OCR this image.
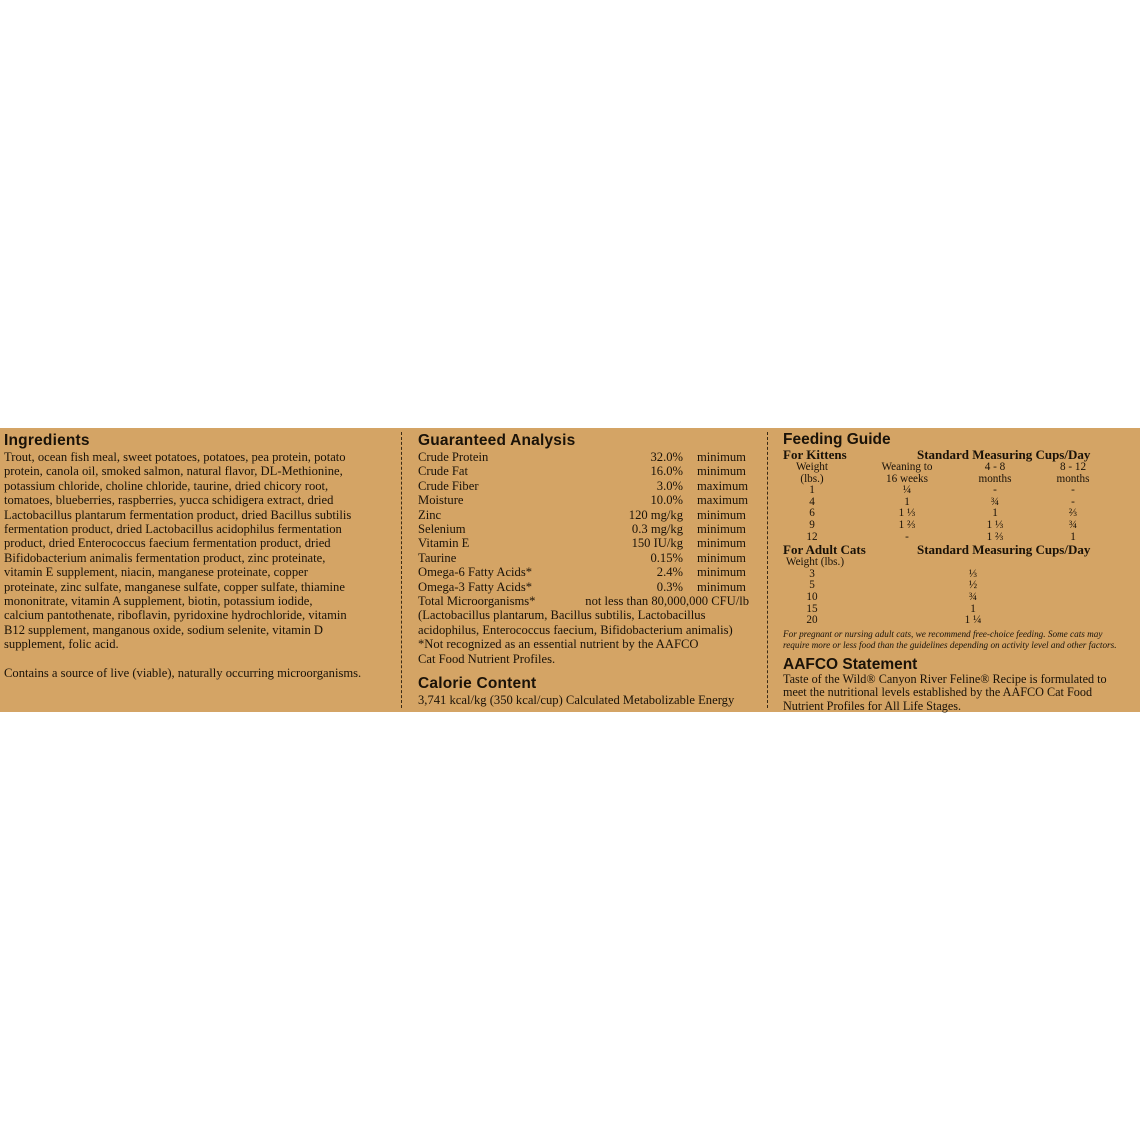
Ingredients

Trout, ocean fish meal, sweet potatoes, potatoes, pea protein, potato

protein, canola oil, smoked salmon, natural flavor, DL-Methionine,

potassium chloride, choline chloride, taurine, dried chicory root,

tomatoes, blueberries, raspberries, yucca schidigera extract, dried

Lactobacillus plantarum fermentation product, dried Bacillus subtilis

fermentation product, dried Lactobacillus acidophilus fermentation

product, dried Enterococcus faecium fermentation product, dried

Bifidobacterium animalis fermentation product, zinc proteinate,

vitamin E supplement, niacin, manganese proteinate, copper

proteinate, zinc sulfate, manganese sulfate, copper sulfate, thiamine

mononitrate, vitamin A supplement, biotin, potassium iodide,

calcium pantothenate, riboflavin, pyridoxine hydrochloride, vitamin

B12 supplement, manganous oxide, sodium selenite, vitamin D

supplement, folic acid.

Contains a source of live (viable), naturally occurring microorganisms.

Guaranteed Analysis
Crude Protein	32.0% minimum
Crude Fat	16.0% minimum
Crude Fiber	3.0% maximum
Moisture	10.0% maximum
Zinc	120 mg/kg minimum
Selenium	0.3 mg/kg minimum
Vitamin E	150 IU/kg minimum
Taurine	0.15% minimum
Omega-6 Fatty Acids*	2.4% minimum
Omega-3 Fatty Acids*	0.3% minimum
Total Microorganisms*	not less than 80,000,000 CFU/lb

(Lactobacillus plantarum, Bacillus subtilis, Lactobacillus

acidophilus, Enterococcus faecium, Bifidobacterium animalis)

*Not recognized as an essential nutrient by the AAFCO

Cat Food Nutrient Profiles.

Calorie Content

3,741 kcal/kg (350 kcal/cup) Calculated Metabolizable Energy

Feeding Guide
For Kittens	Standard Measuring Cups/Day
Weight	Weaning to	4 - 8	8 - 12
(lbs.)	16 weeks	months	months
1	¼	-	-
4	1	¾	-
6	1 ⅓	1	⅔
9	1 ⅔	1 ⅓	¾
12	-	1 ⅔	1
For Adult Cats	Standard Measuring Cups/Day
Weight (lbs.)
3	⅓
5	½
10	¾
15	1
20	1 ¼

For pregnant or nursing adult cats, we recommend free-choice feeding. Some cats may

require more or less food than the guidelines depending on activity level and other factors.

AAFCO Statement

Taste of the Wild® Canyon River Feline® Recipe is formulated to

meet the nutritional levels established by the AAFCO Cat Food

Nutrient Profiles for All Life Stages.
